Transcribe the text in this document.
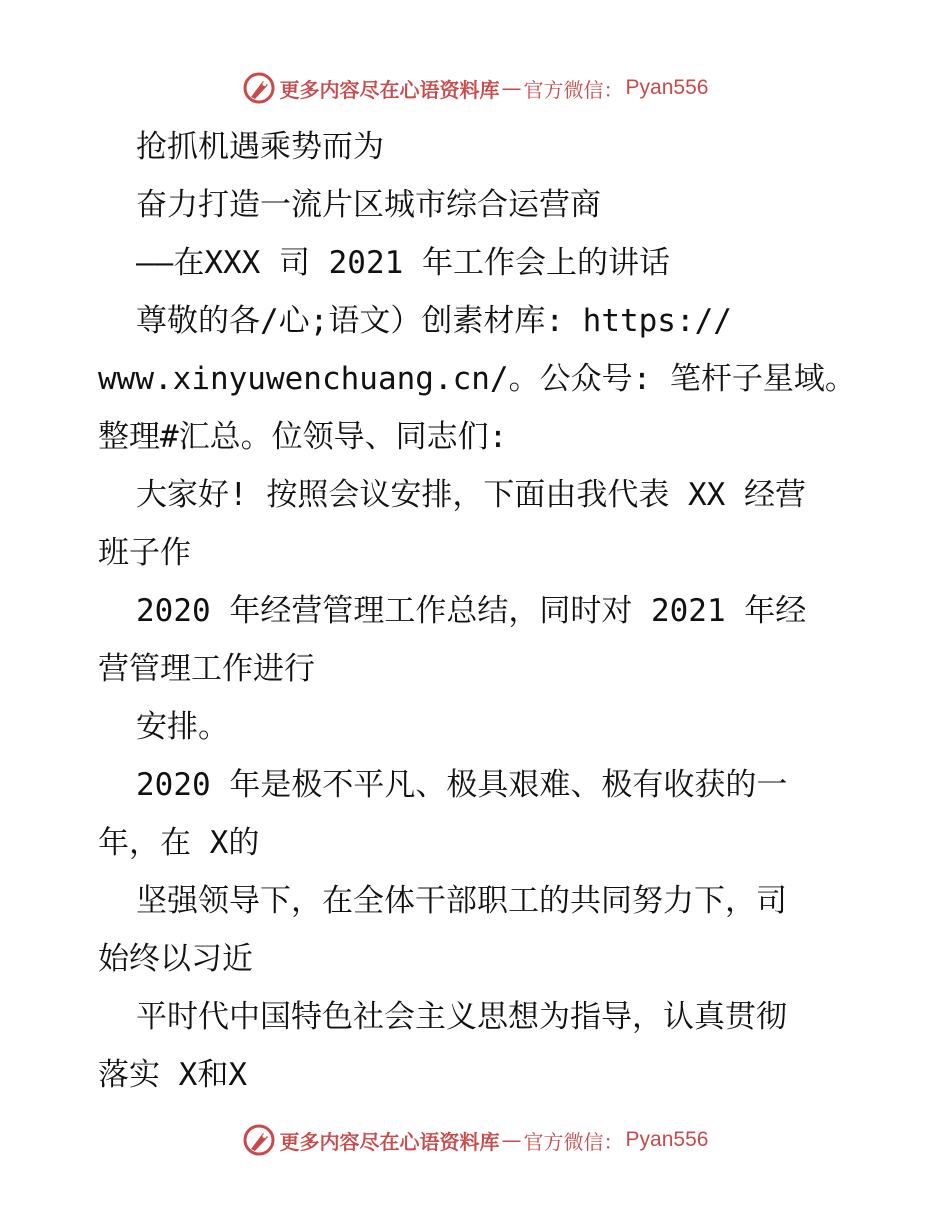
更多内容尽在心语资料库 — 官方微信： Pyan556
抢抓机遇乘势而为
奋力打造一流片区城市综合运营商
——在XXX 司 2021 年工作会上的讲话
尊敬的各/心;语文）创素材库: https://
www.xinyuwenchuang.cn/。公众号: 笔杆子星域。
整理#汇总。位领导、同志们:
大家好! 按照会议安排，下面由我代表 XX 经营
班子作
2020 年经营管理工作总结，同时对 2021 年经
营管理工作进行
安排。
2020 年是极不平凡、极具艰难、极有收获的一
年，在 X的
坚强领导下，在全体干部职工的共同努力下，司
始终以习近
平时代中国特色社会主义思想为指导，认真贯彻
落实 X和X
更多内容尽在心语资料库 — 官方微信： Pyan556
